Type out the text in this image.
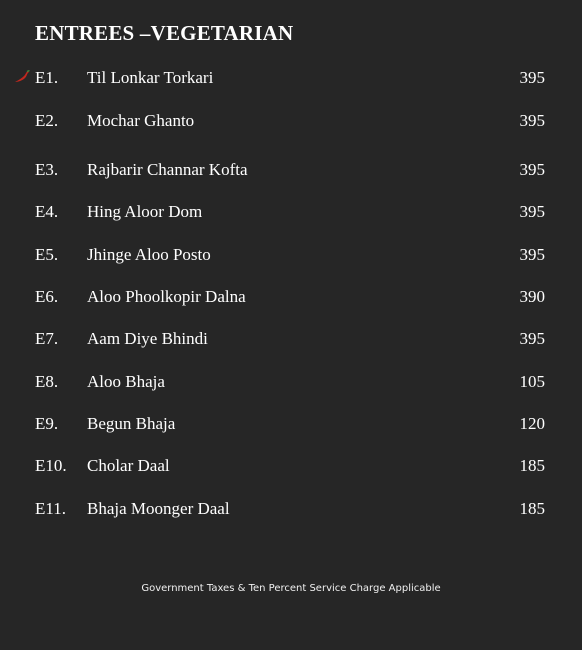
ENTREES –VEGETARIAN
E1. Til Lonkar Torkari	395
E2. Mochar Ghanto	395
E3. Rajbarir Channar Kofta	395
E4. Hing Aloor Dom	395
E5. Jhinge Aloo Posto	395
E6. Aloo Phoolkopir Dalna	390
E7. Aam Diye Bhindi	395
E8. Aloo Bhaja	105
E9. Begun Bhaja	120
E10. Cholar Daal	185
E11. Bhaja Moonger Daal	185
Government Taxes & Ten Percent Service Charge Applicable
